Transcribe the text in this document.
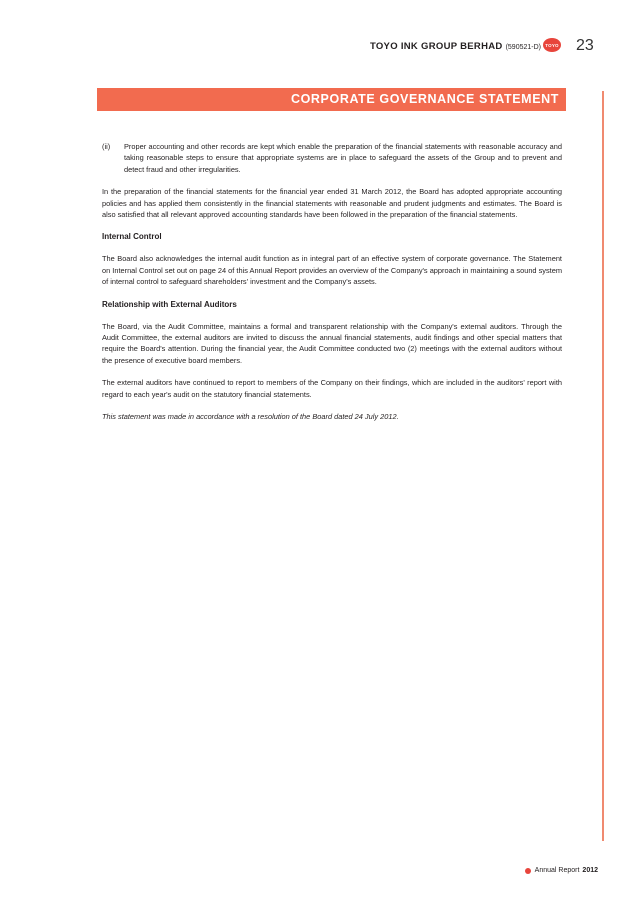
TOYO INK GROUP BERHAD (590521-D) TOYO 23
CORPORATE GOVERNANCE STATEMENT
(ii)	Proper accounting and other records are kept which enable the preparation of the financial statements with reasonable accuracy and taking reasonable steps to ensure that appropriate systems are in place to safeguard the assets of the Group and to prevent and detect fraud and other irregularities.

In the preparation of the financial statements for the financial year ended 31 March 2012, the Board has adopted appropriate accounting policies and has applied them consistently in the financial statements with reasonable and prudent judgments and estimates. The Board is also satisfied that all relevant approved accounting standards have been followed in the preparation of the financial statements.

Internal Control

The Board also acknowledges the internal audit function as in integral part of an effective system of corporate governance. The Statement on Internal Control set out on page 24 of this Annual Report provides an overview of the Company's approach in maintaining a sound system of internal control to safeguard shareholders' investment and the Company's assets.

Relationship with External Auditors

The Board, via the Audit Committee, maintains a formal and transparent relationship with the Company's external auditors. Through the Audit Committee, the external auditors are invited to discuss the annual financial statements, audit findings and other special matters that require the Board's attention. During the financial year, the Audit Committee conducted two (2) meetings with the external auditors without the presence of executive board members.

The external auditors have continued to report to members of the Company on their findings, which are included in the auditors' report with regard to each year's audit on the statutory financial statements.

This statement was made in accordance with a resolution of the Board dated 24 July 2012.

Annual Report 2012
